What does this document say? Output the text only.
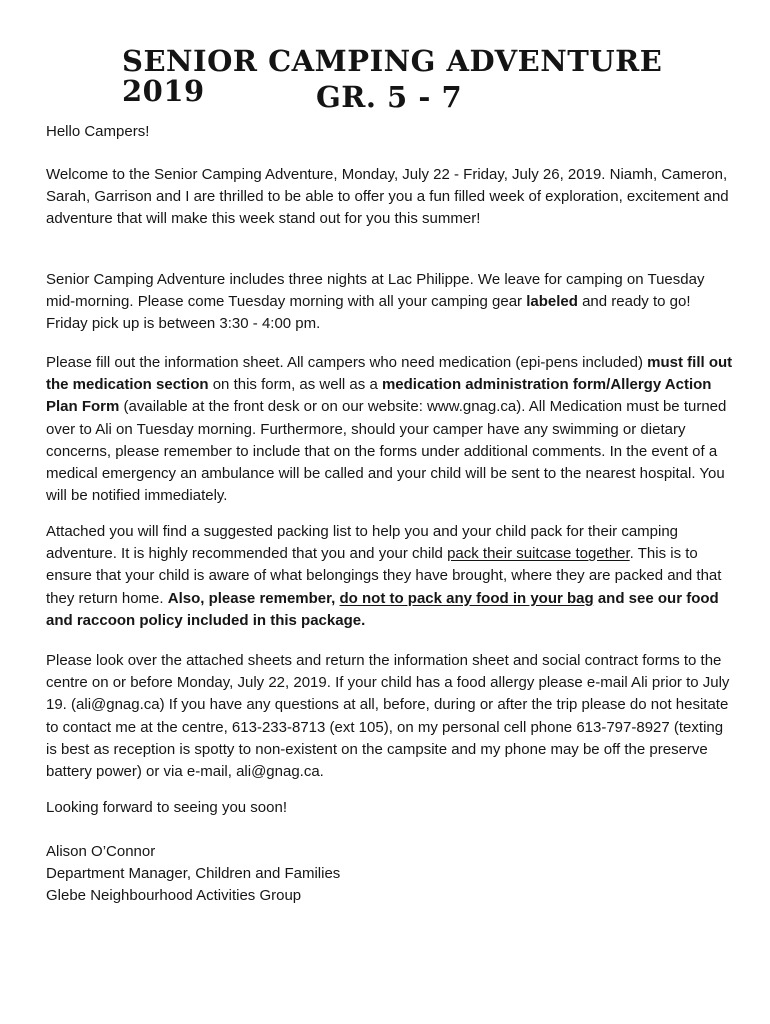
SENIOR CAMPING ADVENTURE 2019	GR. 5 - 7

Hello Campers!

Welcome to the Senior Camping Adventure, Monday, July 22 - Friday, July 26, 2019. Niamh, Cameron, Sarah, Garrison and I are thrilled to be able to offer you a fun filled week of exploration, excitement and adventure that will make this week stand out for you this summer!

Senior Camping Adventure includes three nights at Lac Philippe. We leave for camping on Tuesday mid-morning. Please come Tuesday morning with all your camping gear labeled and ready to go! Friday pick up is between 3:30 - 4:00 pm.

Please fill out the information sheet. All campers who need medication (epi-pens included) must fill out the medication section on this form, as well as a medication administration form/Allergy Action Plan Form (available at the front desk or on our website: www.gnag.ca). All Medication must be turned over to Ali on Tuesday morning. Furthermore, should your camper have any swimming or dietary concerns, please remember to include that on the forms under additional comments. In the event of a medical emergency an ambulance will be called and your child will be sent to the nearest hospital. You will be notified immediately.

Attached you will find a suggested packing list to help you and your child pack for their camping adventure. It is highly recommended that you and your child pack their suitcase together. This is to ensure that your child is aware of what belongings they have brought, where they are packed and that they return home. Also, please remember, do not to pack any food in your bag and see our food and raccoon policy included in this package.

Please look over the attached sheets and return the information sheet and social contract forms to the centre on or before Monday, July 22, 2019. If your child has a food allergy please e-mail Ali prior to July 19. (ali@gnag.ca) If you have any questions at all, before, during or after the trip please do not hesitate to contact me at the centre, 613-233-8713 (ext 105), on my personal cell phone 613-797-8927 (texting is best as reception is spotty to non-existent on the campsite and my phone may be off the preserve battery power) or via e-mail, ali@gnag.ca.

Looking forward to seeing you soon!

Alison O’Connor

Department Manager, Children and Families

Glebe Neighbourhood Activities Group
